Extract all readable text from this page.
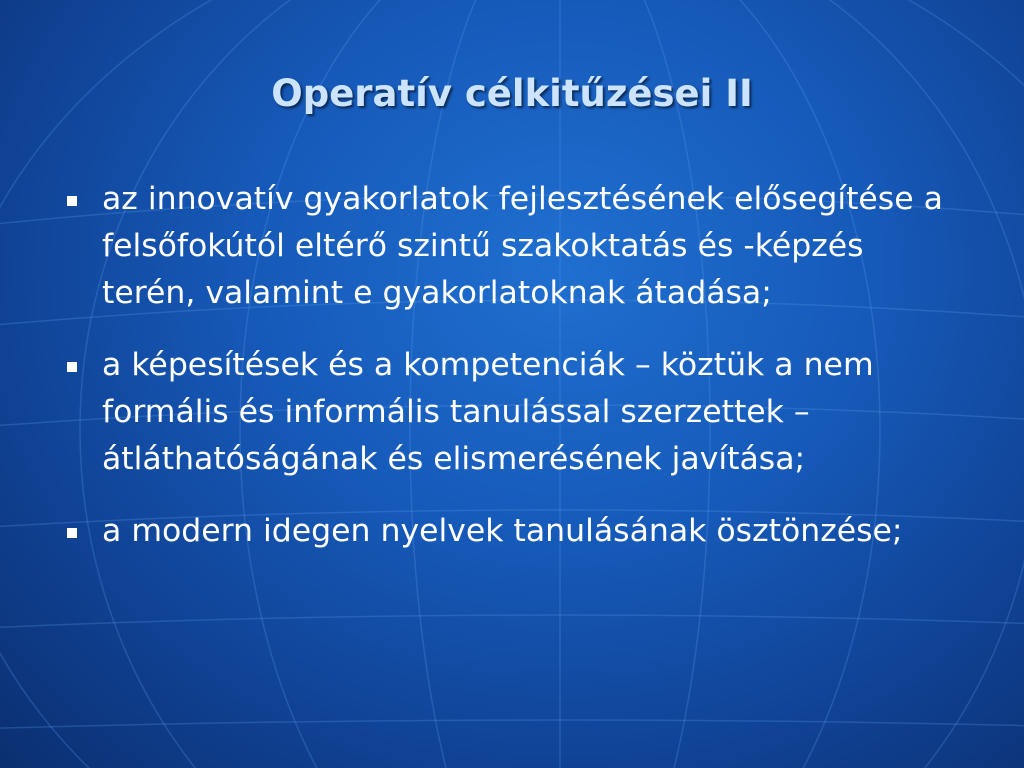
Operatív célkitűzései II
az innovatív gyakorlatok fejlesztésének elősegítése a felsőfokútól eltérő szintű szakoktatás és -képzés terén, valamint e gyakorlatoknak átadása;
a képesítések és a kompetenciák – köztük a nem formális és informális tanulással szerzettek – átláthatóságának és elismerésének javítása;
a modern idegen nyelvek tanulásának ösztönzése;
